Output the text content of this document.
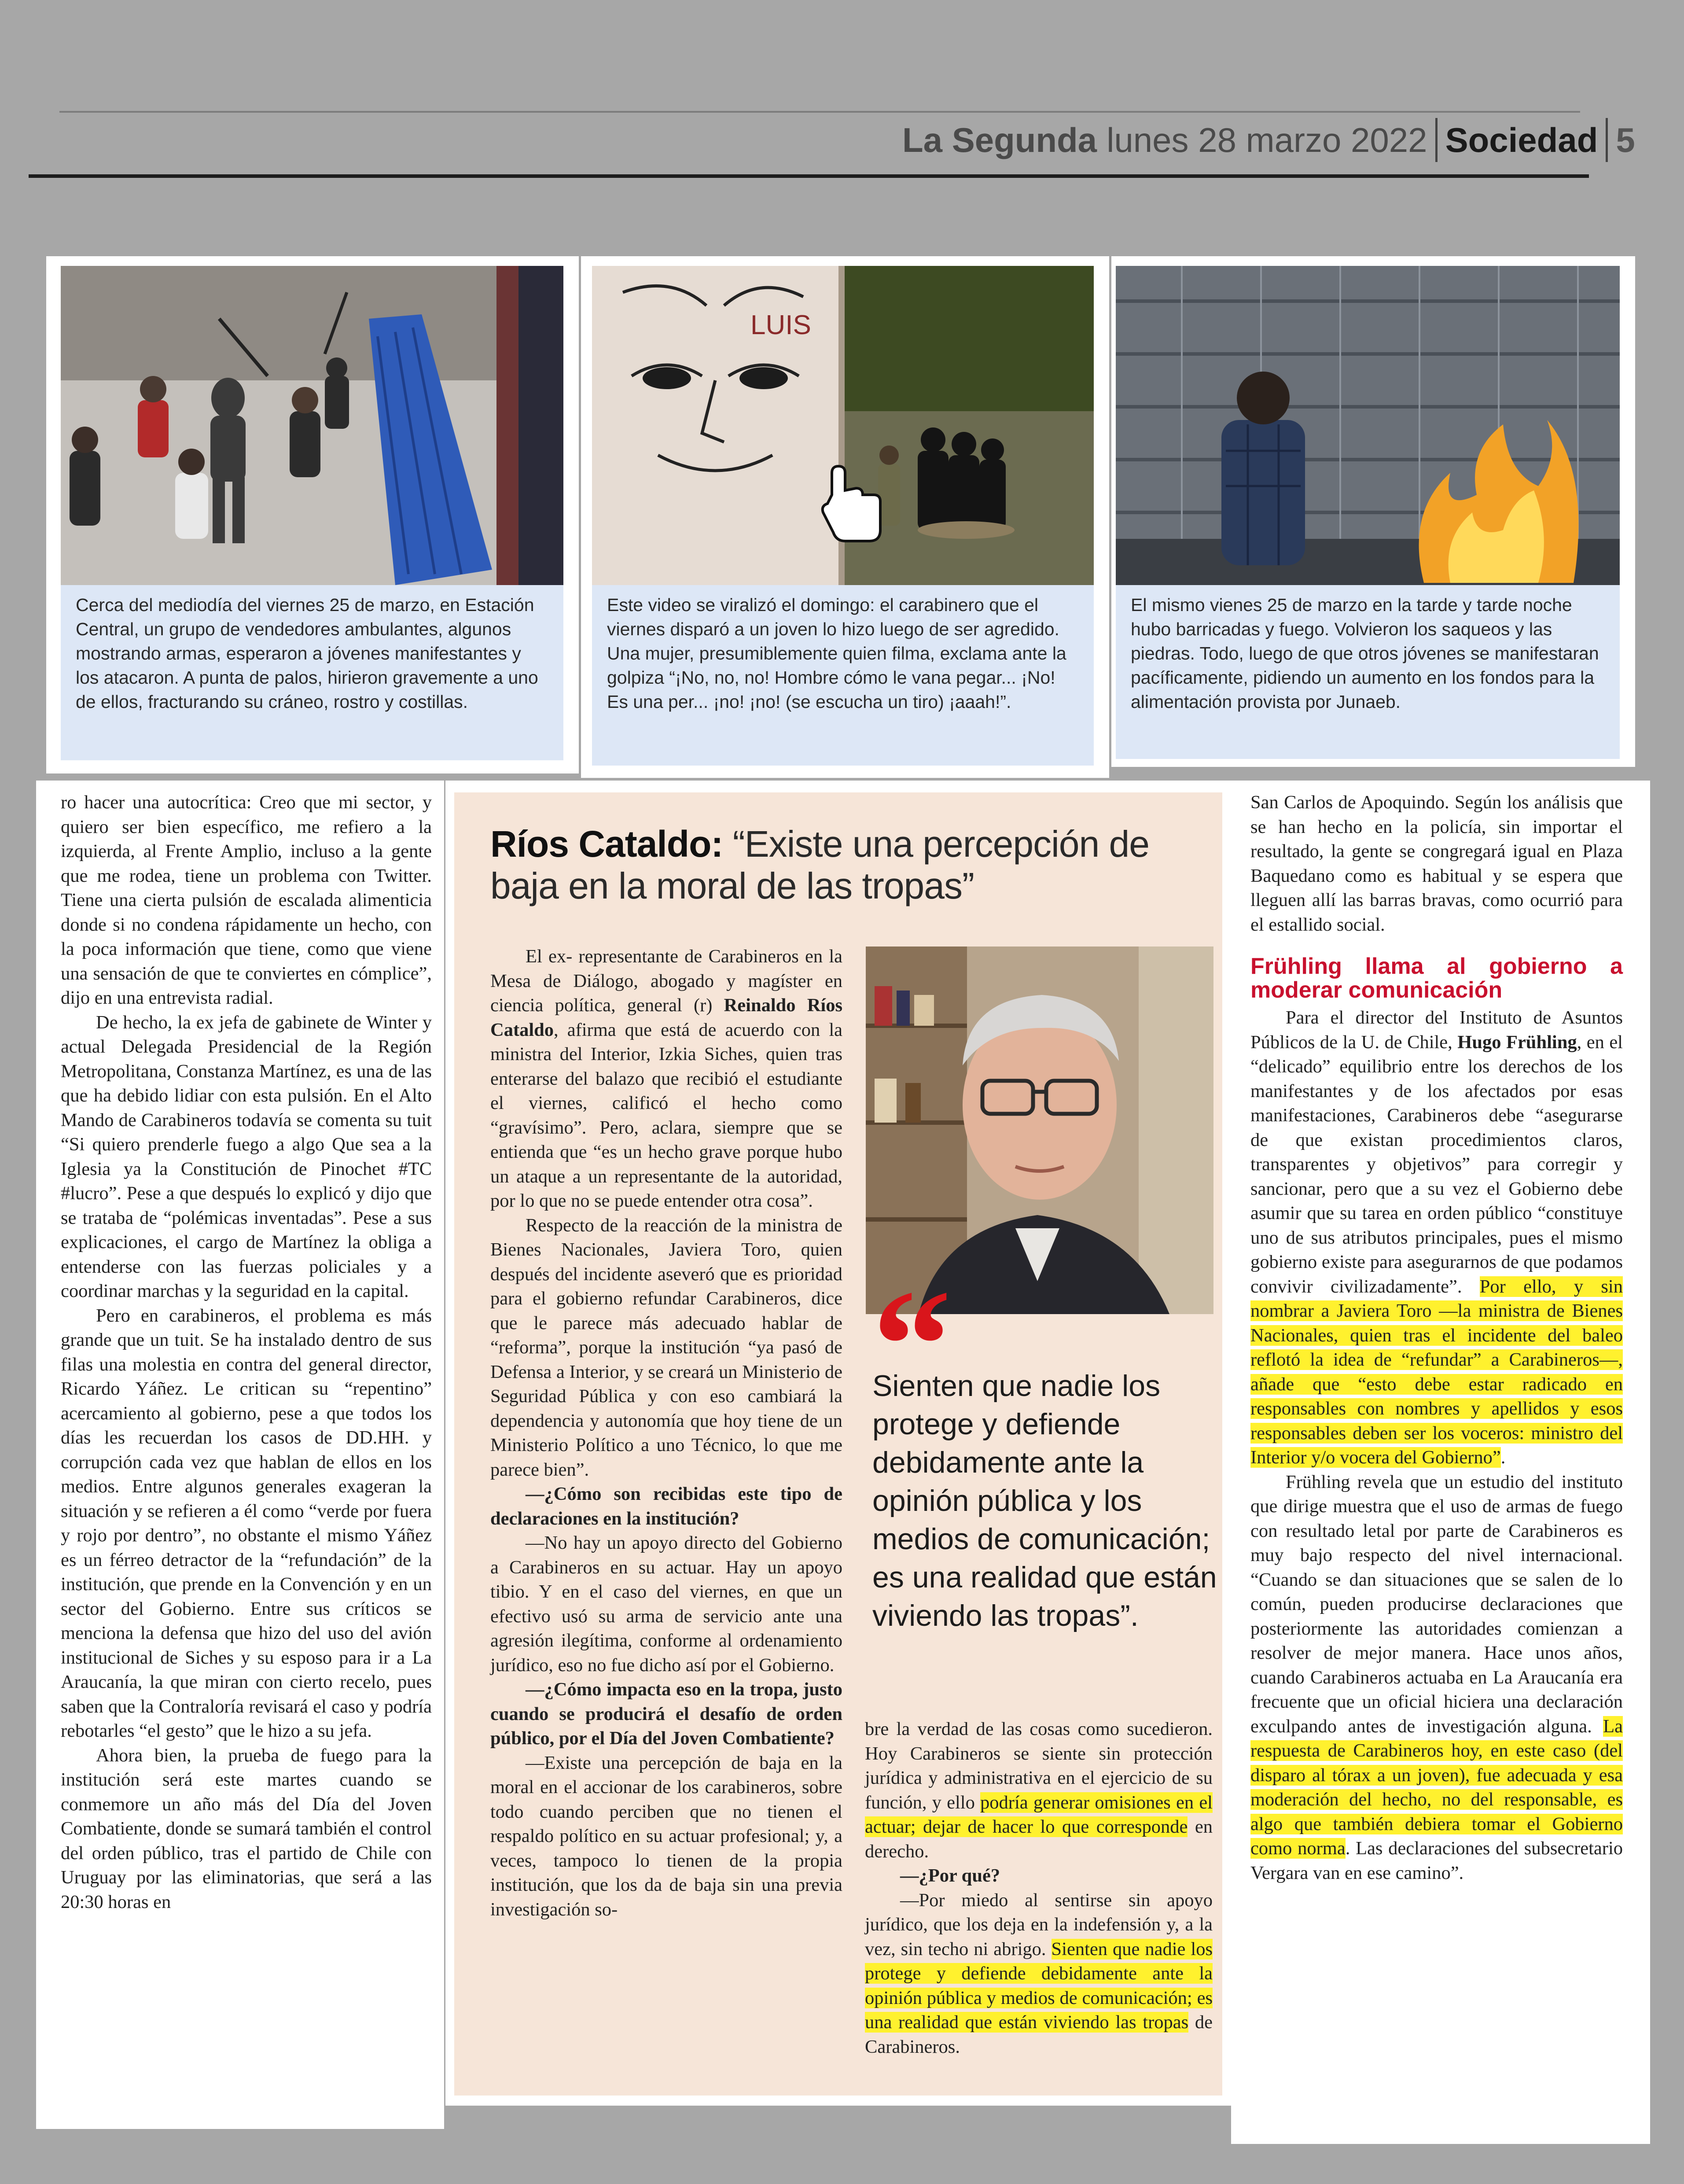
La Segunda lunes 28 marzo 2022 Sociedad 5
Cerca del mediodía del viernes 25 de marzo, en Estación Central, un grupo de vendedores ambulantes, algunos mostrando armas, esperaron a jóvenes manifestantes y los atacaron. A punta de palos, hirieron gravemente a uno de ellos, fracturando su cráneo, rostro y costillas.
LUIS
Este video se viralizó el domingo: el carabinero que el viernes disparó a un joven lo hizo luego de ser agredido. Una mujer, presumiblemente quien filma, exclama ante la golpiza “¡No, no, no! Hombre cómo le vana pegar... ¡No! Es una per... ¡no! ¡no! (se escucha un tiro) ¡aaah!”.
El mismo vienes 25 de marzo en la tarde y tarde noche hubo barricadas y fuego. Volvieron los saqueos y las piedras. Todo, luego de que otros jóvenes se manifestaran pacíficamente, pidiendo un aumento en los fondos para la alimentación provista por Junaeb.

ro hacer una autocrítica: Creo que mi sector, y quiero ser bien específico, me refiero a la izquierda, al Frente Amplio, incluso a la gente que me rodea, tiene un problema con Twitter. Tiene una cierta pulsión de escalada alimenticia donde si no condena rápidamente un hecho, con la poca información que tiene, como que viene una sensación de que te conviertes en cómplice”, dijo en una entrevista radial.

De hecho, la ex jefa de gabinete de Winter y actual Delegada Presidencial de la Región Metropolitana, Constanza Martínez, es una de las que ha debido lidiar con esta pulsión. En el Alto Mando de Carabineros todavía se comenta su tuit “Si quiero prenderle fuego a algo Que sea a la Iglesia ya la Constitución de Pinochet #TC #lucro”. Pese a que después lo explicó y dijo que se trataba de “polémicas inventadas”. Pese a sus explicaciones, el cargo de Martínez la obliga a entenderse con las fuerzas policiales y a coordinar marchas y la seguridad en la capital.

Pero en carabineros, el problema es más grande que un tuit. Se ha instalado dentro de sus filas una molestia en contra del general director, Ricardo Yáñez. Le critican su “repentino” acercamiento al gobierno, pese a que todos los días les recuerdan los casos de DD.HH. y corrupción cada vez que hablan de ellos en los medios. Entre algunos generales exageran la situación y se refieren a él como “verde por fuera y rojo por dentro”, no obstante el mismo Yáñez es un férreo detractor de la “refundación” de la institución, que prende en la Convención y en un sector del Gobierno. Entre sus críticos se menciona la defensa que hizo del uso del avión institucional de Siches y su esposo para ir a La Araucanía, la que miran con cierto recelo, pues saben que la Contraloría revisará el caso y podría rebotarles “el gesto” que le hizo a su jefa.

Ahora bien, la prueba de fuego para la institución será este martes cuando se conmemore un año más del Día del Joven Combatiente, donde se sumará también el control del orden público, tras el partido de Chile con Uruguay por las eliminatorias, que será a las 20:30 horas en

Ríos Cataldo: “Existe una percepción de baja en la moral de las tropas”

El ex- representante de Carabineros en la Mesa de Diálogo, abogado y magíster en ciencia política, general (r) Reinaldo Ríos Cataldo, afirma que está de acuerdo con la ministra del Interior, Izkia Siches, quien tras enterarse del balazo que recibió el estudiante el viernes, calificó el hecho como “gravísimo”. Pero, aclara, siempre que se entienda que “es un hecho grave porque hubo un ataque a un representante de la autoridad, por lo que no se puede entender otra cosa”.

Respecto de la reacción de la ministra de Bienes Nacionales, Javiera Toro, quien después del incidente aseveró que es prioridad para el gobierno refundar Carabineros, dice que le parece más adecuado hablar de “reforma”, porque la institución “ya pasó de Defensa a Interior, y se creará un Ministerio de Seguridad Pública y con eso cambiará la dependencia y autonomía que hoy tiene de un Ministerio Político a uno Técnico, lo que me parece bien”.

—¿Cómo son recibidas este tipo de declaraciones en la institución?

—No hay un apoyo directo del Gobierno a Carabineros en su actuar. Hay un apoyo tibio. Y en el caso del viernes, en que un efectivo usó su arma de servicio ante una agresión ilegítima, conforme al ordenamiento jurídico, eso no fue dicho así por el Gobierno.

—¿Cómo impacta eso en la tropa, justo cuando se producirá el desafío de orden público, por el Día del Joven Combatiente?

—Existe una percepción de baja en la moral en el accionar de los carabineros, sobre todo cuando perciben que no tienen el respaldo político en su actuar profesional; y, a veces, tampoco lo tienen de la propia institución, que los da de baja sin una previa investigación so-

“
Sienten que nadie los protege y defiende debidamente ante la opinión pública y los medios de comunicación; es una realidad que están viviendo las tropas”.

bre la verdad de las cosas como sucedieron. Hoy Carabineros se siente sin protección jurídica y administrativa en el ejercicio de su función, y ello podría generar omisiones en el actuar; dejar de hacer lo que corresponde en derecho.

—¿Por qué?

—Por miedo al sentirse sin apoyo jurídico, que los deja en la indefensión y, a la vez, sin techo ni abrigo. Sienten que nadie los protege y defiende debidamente ante la opinión pública y medios de comunicación; es una realidad que están viviendo las tropas de Carabineros.

San Carlos de Apoquindo. Según los análisis que se han hecho en la policía, sin importar el resultado, la gente se congregará igual en Plaza Baquedano como es habitual y se espera que lleguen allí las barras bravas, como ocurrió para el estallido social.

Frühling llama al gobierno a moderar comunicación

Para el director del Instituto de Asuntos Públicos de la U. de Chile, Hugo Frühling, en el “delicado” equilibrio entre los derechos de los manifestantes y de los afectados por esas manifestaciones, Carabineros debe “asegurarse de que existan procedimientos claros, transparentes y objetivos” para corregir y sancionar, pero que a su vez el Gobierno debe asumir que su tarea en orden público “constituye uno de sus atributos principales, pues el mismo gobierno existe para asegurarnos de que podamos convivir civilizadamente”. Por ello, y sin nombrar a Javiera Toro —la ministra de Bienes Nacionales, quien tras el incidente del baleo reflotó la idea de “refundar” a Carabineros—, añade que “esto debe estar radicado en responsables con nombres y apellidos y esos responsables deben ser los voceros: ministro del Interior y/o vocera del Gobierno”.

Frühling revela que un estudio del instituto que dirige muestra que el uso de armas de fuego con resultado letal por parte de Carabineros es muy bajo respecto del nivel internacional. “Cuando se dan situaciones que se salen de lo común, pueden producirse declaraciones que posteriormente las autoridades comienzan a resolver de mejor manera. Hace unos años, cuando Carabineros actuaba en La Araucanía era frecuente que un oficial hiciera una declaración exculpando antes de investigación alguna. La respuesta de Carabineros hoy, en este caso (del disparo al tórax a un joven), fue adecuada y esa moderación del hecho, no del responsable, es algo que también debiera tomar el Gobierno como norma. Las declaraciones del subsecretario Vergara van en ese camino”.
